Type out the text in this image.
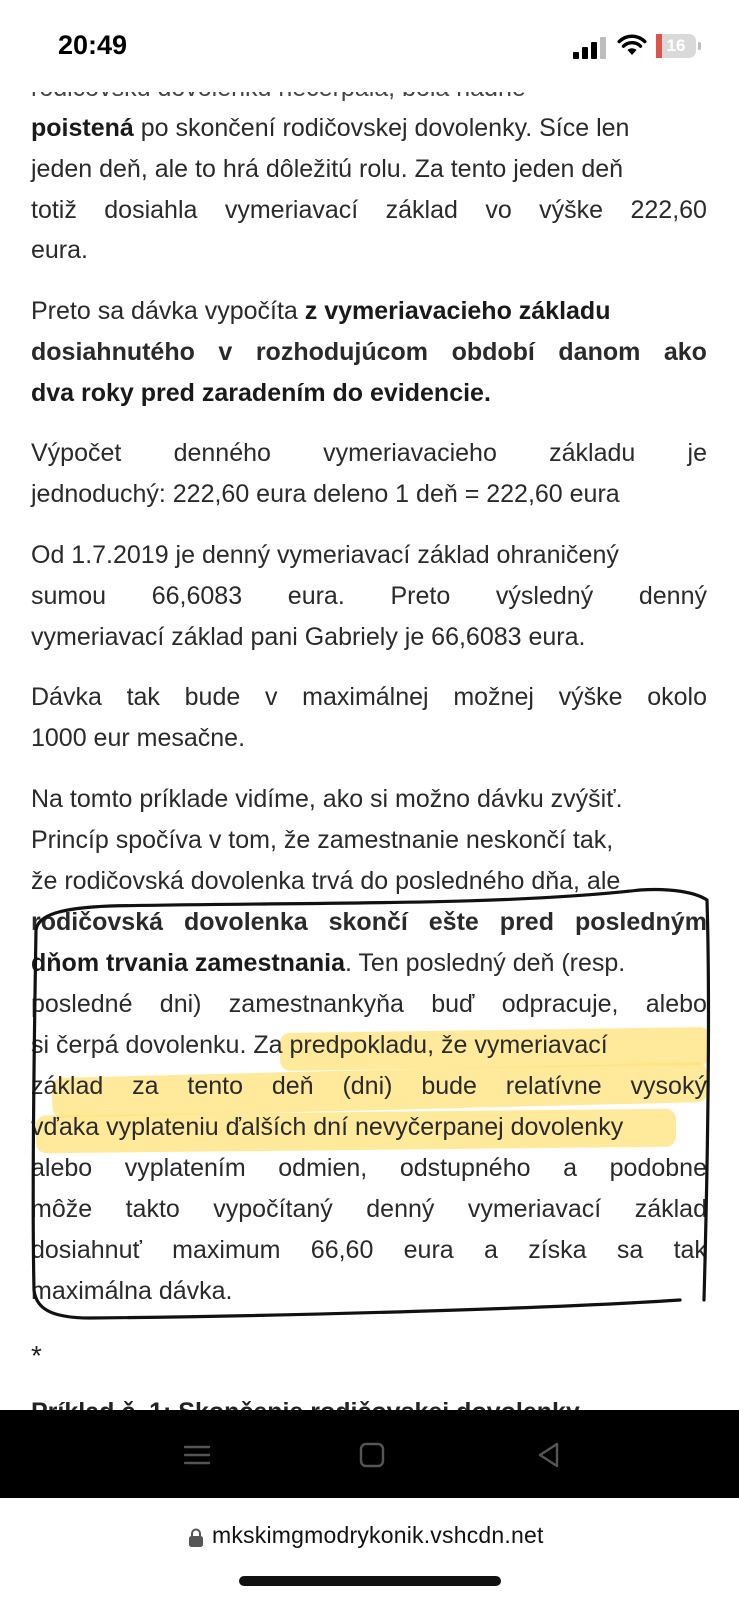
20:49	16
poistená po skončení rodičovskej dovolenky. Síce len
jeden deň, ale to hrá dôležitú rolu. Za tento jeden deň
totiž dosiahla vymeriavací základ vo výške 222,60
eura.
Preto sa dávka vypočíta z vymeriavacieho základu
dosiahnutého v rozhodujúcom období danom ako
dva roky pred zaradením do evidencie.
Výpočet denného vymeriavacieho základu je
jednoduchý: 222,60 eura deleno 1 deň = 222,60 eura
Od 1.7.2019 je denný vymeriavací základ ohraničený
sumou 66,6083 eura. Preto výsledný denný
vymeriavací základ pani Gabriely je 66,6083 eura.
Dávka tak bude v maximálnej možnej výške okolo
1000 eur mesačne.
Na tomto príklade vidíme, ako si možno dávku zvýšiť.
Princíp spočíva v tom, že zamestnanie neskončí tak,
že rodičovská dovolenka trvá do posledného dňa, ale
rodičovská dovolenka skončí ešte pred posledným
dňom trvania zamestnania. Ten posledný deň (resp.
posledné dni) zamestnankyňa buď odpracuje, alebo
si čerpá dovolenku. Za predpokladu, že vymeriavací
základ za tento deň (dni) bude relatívne vysoký
vďaka vyplateniu ďalších dní nevyčerpanej dovolenky
alebo vyplatením odmien, odstupného a podobne
môže takto vypočítaný denný vymeriavací základ
dosiahnuť maximum 66,60 eura a získa sa tak
maximálna dávka.
*
mkskimgmodrykonik.vshcdn.net
